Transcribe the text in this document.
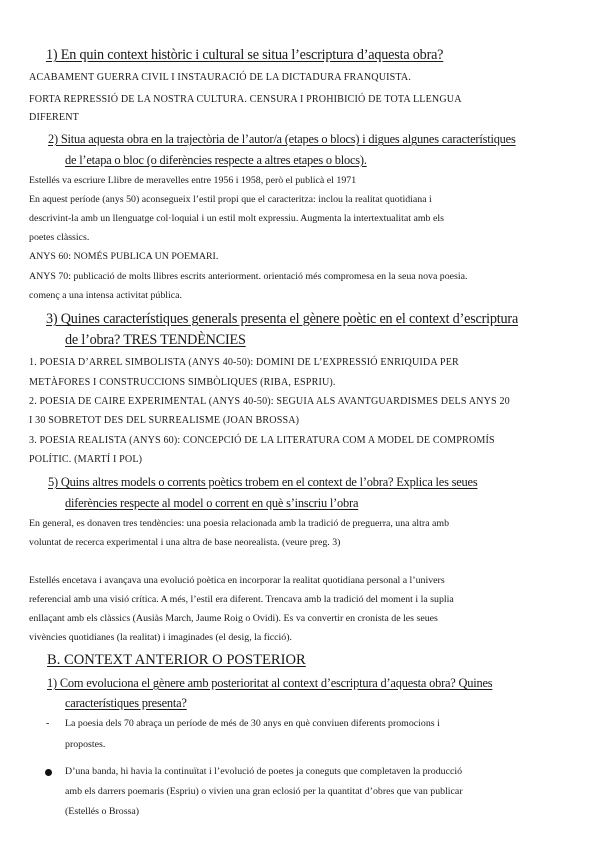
1) En quin context històric i cultural se situa l’escriptura d’aquesta obra?
ACABAMENT GUERRA CIVIL I INSTAURACIÓ DE LA DICTADURA FRANQUISTA.
FORTA REPRESSIÓ DE LA NOSTRA CULTURA. CENSURA I PROHIBICIÓ DE TOTA LLENGUA
DIFERENT
2) Situa aquesta obra en la trajectòria de l’autor/a (etapes o blocs) i digues algunes característiques
de l’etapa o bloc (o diferències respecte a altres etapes o blocs).
Estellés va escriure Llibre de meravelles entre 1956 i 1958, però el publicà el 1971
En aquest període (anys 50) aconsegueix l’estil propi que el caracteritza: inclou la realitat quotidiana i
descrivint-la amb un llenguatge col·loquial i un estil molt expressiu. Augmenta la intertextualitat amb els
poetes clàssics.
ANYS 60: NOMÉS PUBLICA UN POEMARI.
ANYS 70: publicació de molts llibres escrits anteriorment. orientació més compromesa en la seua nova poesia.
començ a una intensa activitat pública.
3) Quines característiques generals presenta el gènere poètic en el context d’escriptura
de l’obra? TRES TENDÈNCIES
1. POESIA D’ARREL SIMBOLISTA (ANYS 40-50): DOMINI DE L’EXPRESSIÓ ENRIQUIDA PER
METÀFORES I CONSTRUCCIONS SIMBÒLIQUES (RIBA, ESPRIU).
2. POESIA DE CAIRE EXPERIMENTAL (ANYS 40-50): SEGUIA ALS AVANTGUARDISMES DELS ANYS 20
I 30 SOBRETOT DES DEL SURREALISME (JOAN BROSSA)
3. POESIA REALISTA (ANYS 60): CONCEPCIÓ DE LA LITERATURA COM A MODEL DE COMPROMÍS
POLÍTIC. (MARTÍ I POL)
5) Quins altres models o corrents poètics trobem en el context de l’obra? Explica les seues
diferències respecte al model o corrent en què s’inscriu l’obra
En general, es donaven tres tendències: una poesia relacionada amb la tradició de preguerra, una altra amb
voluntat de recerca experimental i una altra de base neorealista. (veure preg. 3)
Estellés encetava i avançava una evolució poètica en incorporar la realitat quotidiana personal a l’univers
referencial amb una visió crítica. A més, l’estil era diferent. Trencava amb la tradició del moment i la suplia
enllaçant amb els clàssics (Ausiàs March, Jaume Roig o Ovidi). Es va convertir en cronista de les seues
vivències quotidianes (la realitat) i imaginades (el desig, la ficció).
B. CONTEXT ANTERIOR O POSTERIOR
1) Com evoluciona el gènere amb posterioritat al context d’escriptura d’aquesta obra? Quines
característiques presenta?
- La poesia dels 70 abraça un període de més de 30 anys en què conviuen diferents promocions i
propostes.
D’una banda, hi havia la continuïtat i l’evolució de poetes ja coneguts que completaven la producció
amb els darrers poemaris (Espriu) o vivien una gran eclosió per la quantitat d’obres que van publicar
(Estellés o Brossa)
